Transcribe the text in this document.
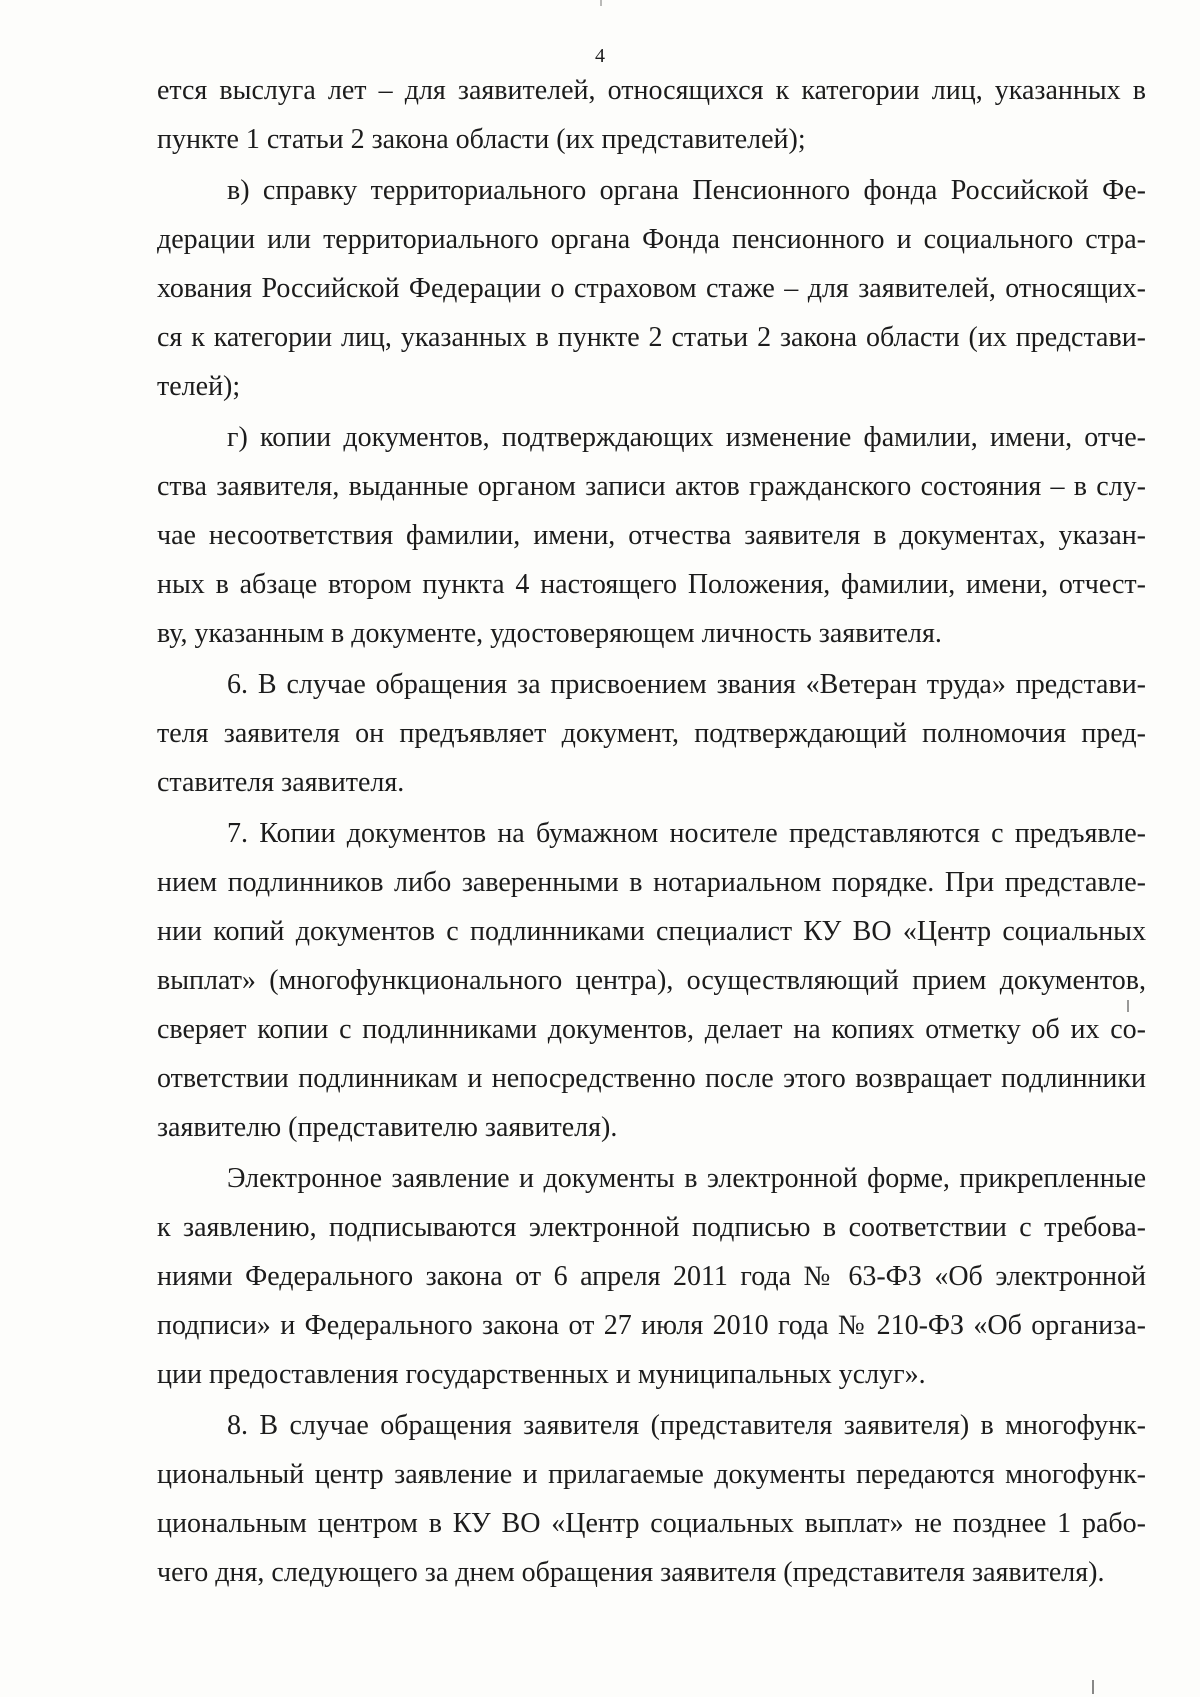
4
ется выслуга лет – для заявителей, относящихся к категории лиц, указанных в
пункте 1 статьи 2 закона области (их представителей);
в) справку территориального органа Пенсионного фонда Российской Фе-
дерации или территориального органа Фонда пенсионного и социального стра-
хования Российской Федерации о страховом стаже – для заявителей, относящих-
ся к категории лиц, указанных в пункте 2 статьи 2 закона области (их представи-
телей);
г) копии документов, подтверждающих изменение фамилии, имени, отче-
ства заявителя, выданные органом записи актов гражданского состояния – в слу-
чае несоответствия фамилии, имени, отчества заявителя в документах, указан-
ных в абзаце втором пункта 4 настоящего Положения, фамилии, имени, отчест-
ву, указанным в документе, удостоверяющем личность заявителя.
6. В случае обращения за присвоением звания «Ветеран труда» представи-
теля заявителя он предъявляет документ, подтверждающий полномочия пред-
ставителя заявителя.
7. Копии документов на бумажном носителе представляются с предъявле-
нием подлинников либо заверенными в нотариальном порядке. При представле-
нии копий документов с подлинниками специалист КУ ВО «Центр социальных
выплат» (многофункционального центра), осуществляющий прием документов,
сверяет копии с подлинниками документов, делает на копиях отметку об их со-
ответствии подлинникам и непосредственно после этого возвращает подлинники
заявителю (представителю заявителя).
Электронное заявление и документы в электронной форме, прикрепленные
к заявлению, подписываются электронной подписью в соответствии с требова-
ниями Федерального закона от 6 апреля 2011 года № 63-ФЗ «Об электронной
подписи» и Федерального закона от 27 июля 2010 года № 210-ФЗ «Об организа-
ции предоставления государственных и муниципальных услуг».
8. В случае обращения заявителя (представителя заявителя) в многофунк-
циональный центр заявление и прилагаемые документы передаются многофунк-
циональным центром в КУ ВО «Центр социальных выплат» не позднее 1 рабо-
чего дня, следующего за днем обращения заявителя (представителя заявителя).
